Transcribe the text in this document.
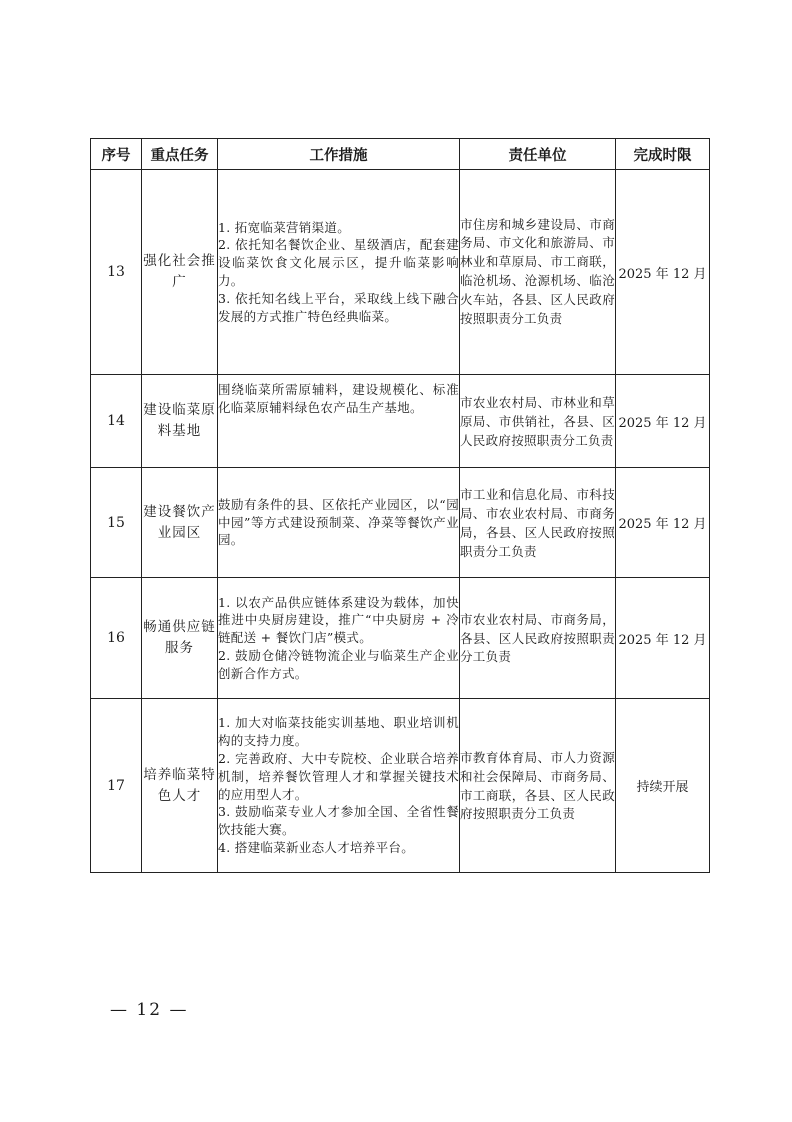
序号	重点任务	工作措施	责任单位	完成时限
13	强化社会推广	1. 拓宽临菜营销渠道。
2. 依托知名餐饮企业、星级酒店，配套建设临菜饮食文化展示区，提升临菜影响力。
3. 依托知名线上平台，采取线上线下融合发展的方式推广特色经典临菜。	市住房和城乡建设局、市商务局、市文化和旅游局、市林业和草原局、市工商联，临沧机场、沧源机场、临沧火车站，各县、区人民政府按照职责分工负责	2025 年 12 月
14	建设临菜原料基地	围绕临菜所需原辅料，建设规模化、标准化临菜原辅料绿色农产品生产基地。	市农业农村局、市林业和草原局、市供销社，各县、区人民政府按照职责分工负责	2025 年 12 月
15	建设餐饮产业园区	鼓励有条件的县、区依托产业园区，以“园中园”等方式建设预制菜、净菜等餐饮产业园。	市工业和信息化局、市科技局、市农业农村局、市商务局，各县、区人民政府按照职责分工负责	2025 年 12 月
16	畅通供应链服务	1. 以农产品供应链体系建设为载体，加快推进中央厨房建设，推广“中央厨房 + 冷链配送 + 餐饮门店”模式。
2. 鼓励仓储冷链物流企业与临菜生产企业创新合作方式。	市农业农村局、市商务局，各县、区人民政府按照职责分工负责	2025 年 12 月
17	培养临菜特色人才	1. 加大对临菜技能实训基地、职业培训机构的支持力度。
2. 完善政府、大中专院校、企业联合培养机制，培养餐饮管理人才和掌握关键技术的应用型人才。
3. 鼓励临菜专业人才参加全国、全省性餐饮技能大赛。
4. 搭建临菜新业态人才培养平台。	市教育体育局、市人力资源和社会保障局、市商务局、市工商联，各县、区人民政府按照职责分工负责	持续开展
— 12 —
